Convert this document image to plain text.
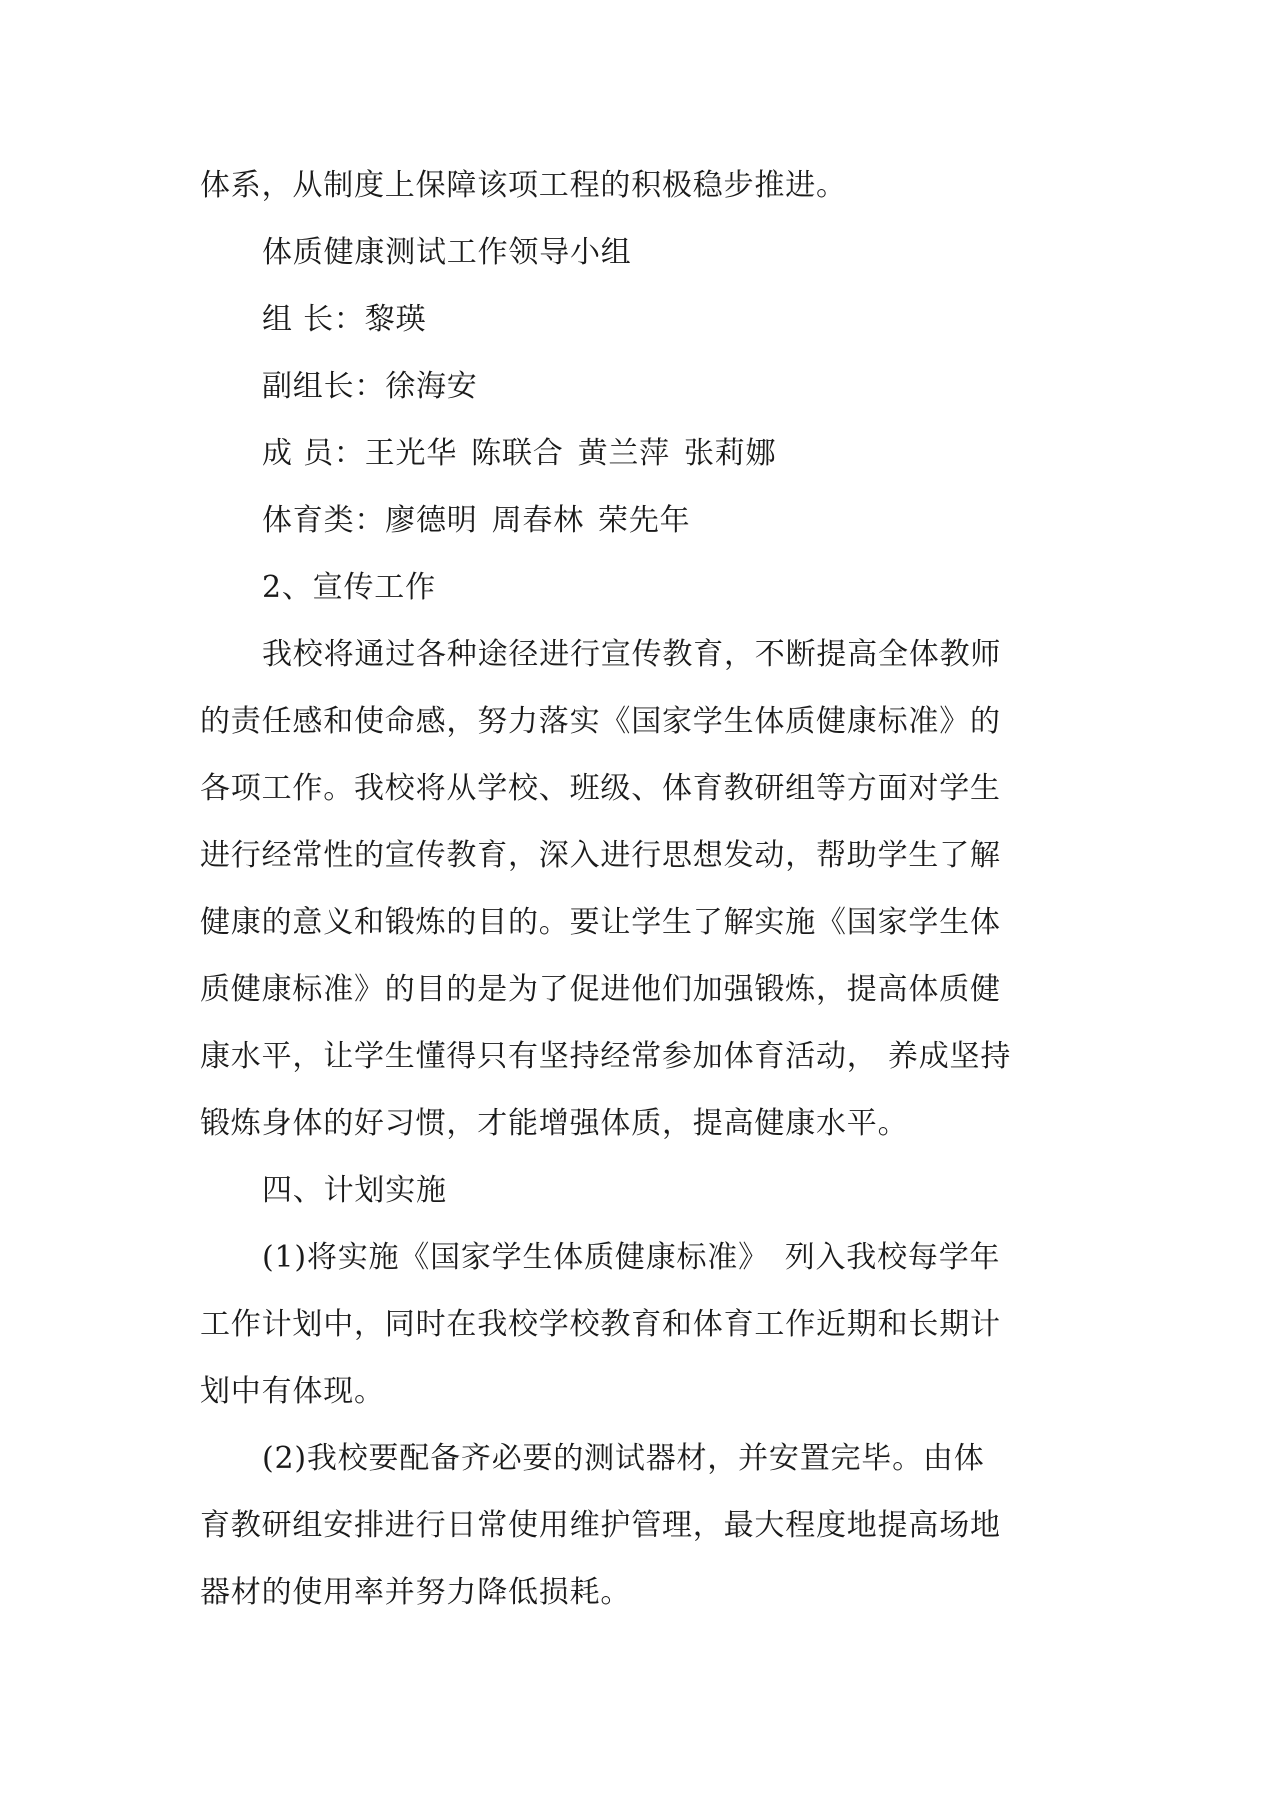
体系，从制度上保障该项工程的积极稳步推进。

体质健康测试工作领导小组

组 长：黎瑛
副组长：徐海安
成 员：王光华 陈联合 黄兰萍 张莉娜
体育类：廖德明 周春林 荣先年

2、宣传工作

我校将通过各种途径进行宣传教育，不断提高全体教师
的责任感和使命感，努力落实《国家学生体质健康标准》的
各项工作。我校将从学校、班级、体育教研组等方面对学生
进行经常性的宣传教育，深入进行思想发动，帮助学生了解
健康的意义和锻炼的目的。要让学生了解实施《国家学生体
质健康标准》的目的是为了促进他们加强锻炼，提高体质健
康水平，让学生懂得只有坚持经常参加体育活动， 养成坚持
锻炼身体的好习惯，才能增强体质，提高健康水平。

四、计划实施

(1)将实施《国家学生体质健康标准》　列入我校每学年
工作计划中，同时在我校学校教育和体育工作近期和长期计
划中有体现。

(2)我校要配备齐必要的测试器材，并安置完毕。由体
育教研组安排进行日常使用维护管理，最大程度地提高场地
器材的使用率并努力降低损耗。
